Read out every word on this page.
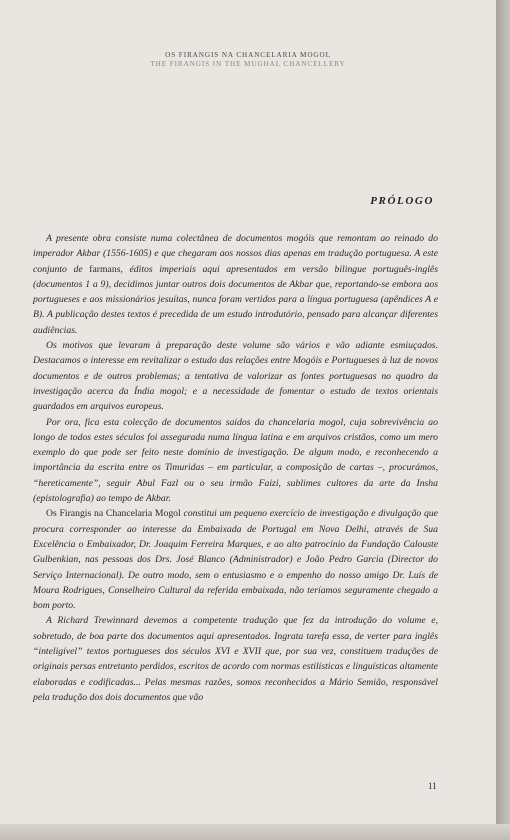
OS FIRANGIS NA CHANCELARIA MOGOL
THE FIRANGIS IN THE MUGHAL CHANCELLERY
PRÓLOGO

A presente obra consiste numa colectânea de documentos mogóis que remontam ao reinado do imperador Akbar (1556-1605) e que chegaram aos nossos dias apenas em tradução portuguesa. A este conjunto de farmans, éditos imperiais aqui apresentados em versão bilingue português-inglês (documentos 1 a 9), decidimos juntar outros dois documentos de Akbar que, reportando-se embora aos portugueses e aos missionários jesuítas, nunca foram vertidos para a língua portuguesa (apêndices A e B). A publicação destes textos é precedida de um estudo introdutório, pensado para alcançar diferentes audiências.

Os motivos que levaram à preparação deste volume são vários e vão adiante esmiuçados. Destacamos o interesse em revitalizar o estudo das relações entre Mogóis e Portugueses à luz de novos documentos e de outros problemas; a tentativa de valorizar as fontes portuguesas no quadro da investigação acerca da Índia mogol; e a necessidade de fomentar o estudo de textos orientais guardados em arquivos europeus.

Por ora, fica esta colecção de documentos saídos da chancelaria mogol, cuja sobrevivência ao longo de todos estes séculos foi assegurada numa língua latina e em arquivos cristãos, como um mero exemplo do que pode ser feito neste domínio de investigação. De algum modo, e reconhecendo a importância da escrita entre os Timuridas – em particular, a composição de cartas –, procurámos, “hereticamente”, seguir Abul Fazl ou o seu irmão Faizi, sublimes cultores da arte da Insha (epistolografia) ao tempo de Akbar.

Os Firangis na Chancelaria Mogol constitui um pequeno exercício de investigação e divulgação que procura corresponder ao interesse da Embaixada de Portugal em Nova Delhi, através de Sua Excelência o Embaixador, Dr. Joaquim Ferreira Marques, e ao alto patrocínio da Fundação Calouste Gulbenkian, nas pessoas dos Drs. José Blanco (Administrador) e João Pedro Garcia (Director do Serviço Internacional). De outro modo, sem o entusiasmo e o empenho do nosso amigo Dr. Luís de Moura Rodrigues, Conselheiro Cultural da referida embaixada, não teríamos seguramente chegado a bom porto.

A Richard Trewinnard devemos a competente tradução que fez da introdução do volume e, sobretudo, de boa parte dos documentos aqui apresentados. Ingrata tarefa essa, de verter para inglês “inteligível” textos portugueses dos séculos XVI e XVII que, por sua vez, constituem traduções de originais persas entretanto perdidos, escritos de acordo com normas estilísticas e linguísticas altamente elaboradas e codificadas... Pelas mesmas razões, somos reconhecidos a Mário Semião, responsável pela tradução dos dois documentos que vão

11
